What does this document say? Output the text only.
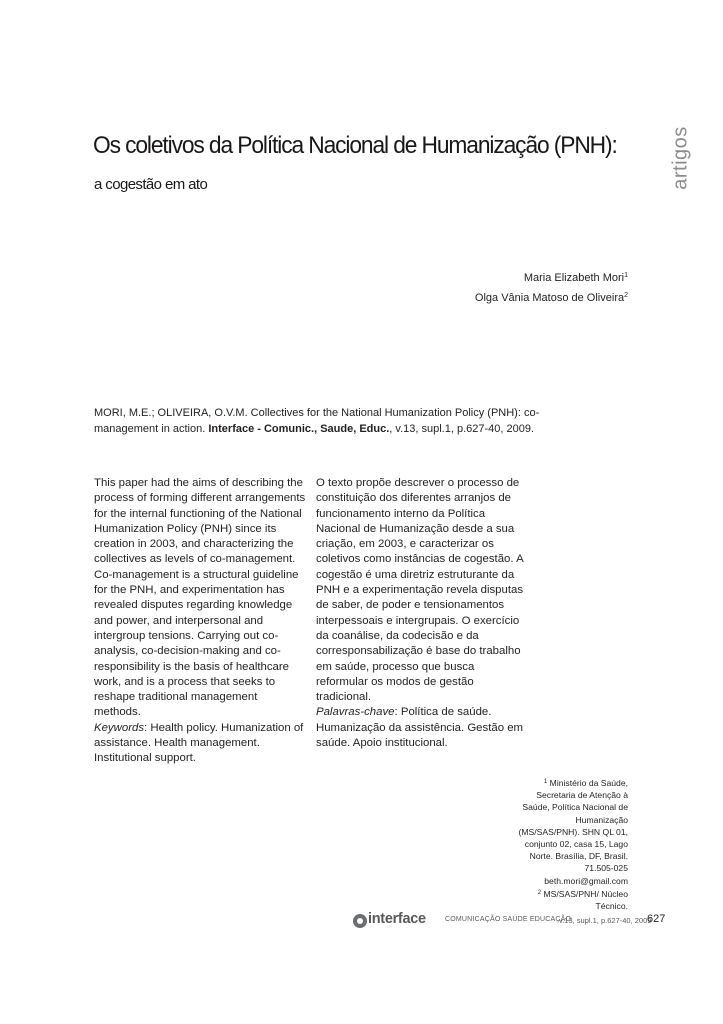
artigos
Os coletivos da Política Nacional de Humanização (PNH):
a cogestão em ato
Maria Elizabeth Mori$^1$
Olga Vânia Matoso de Oliveira$^2$
MORI, M.E.; OLIVEIRA, O.V.M. Collectives for the National Humanization Policy (PNH): co-management in action. Interface - Comunic., Saude, Educ., v.13, supl.1, p.627-40, 2009.

This paper had the aims of describing the process of forming different arrangements for the internal functioning of the National Humanization Policy (PNH) since its creation in 2003, and characterizing the collectives as levels of co-management. Co-management is a structural guideline for the PNH, and experimentation has revealed disputes regarding knowledge and power, and interpersonal and intergroup tensions. Carrying out co-analysis, co-decision-making and co-responsibility is the basis of healthcare work, and is a process that seeks to reshape traditional management methods.

Keywords: Health policy. Humanization of assistance. Health management. Institutional support.

O texto propõe descrever o processo de constituição dos diferentes arranjos de funcionamento interno da Política Nacional de Humanização desde a sua criação, em 2003, e caracterizar os coletivos como instâncias de cogestão. A cogestão é uma diretriz estruturante da PNH e a experimentação revela disputas de saber, de poder e tensionamentos interpessoais e intergrupais. O exercício da coanálise, da codecisão e da corresponsabilização é base do trabalho em saúde, processo que busca reformular os modos de gestão tradicional.

Palavras-chave: Política de saúde. Humanização da assistência. Gestão em saúde. Apoio institucional.

$^1$ Ministério da Saúde, Secretaria de Atenção à Saúde, Política Nacional de Humanização (MS/SAS/PNH). SHN QL 01, conjunto 02, casa 15, Lago Norte. Brasília, DF, Brasil. 71.505-025 beth.mori@gmail.com

$^2$ MS/SAS/PNH/ Núcleo Técnico.

interface	COMUNICAÇÃO SAÚDE EDUCAÇÃO
v.13, supl.1, p.627-40, 2009
627
